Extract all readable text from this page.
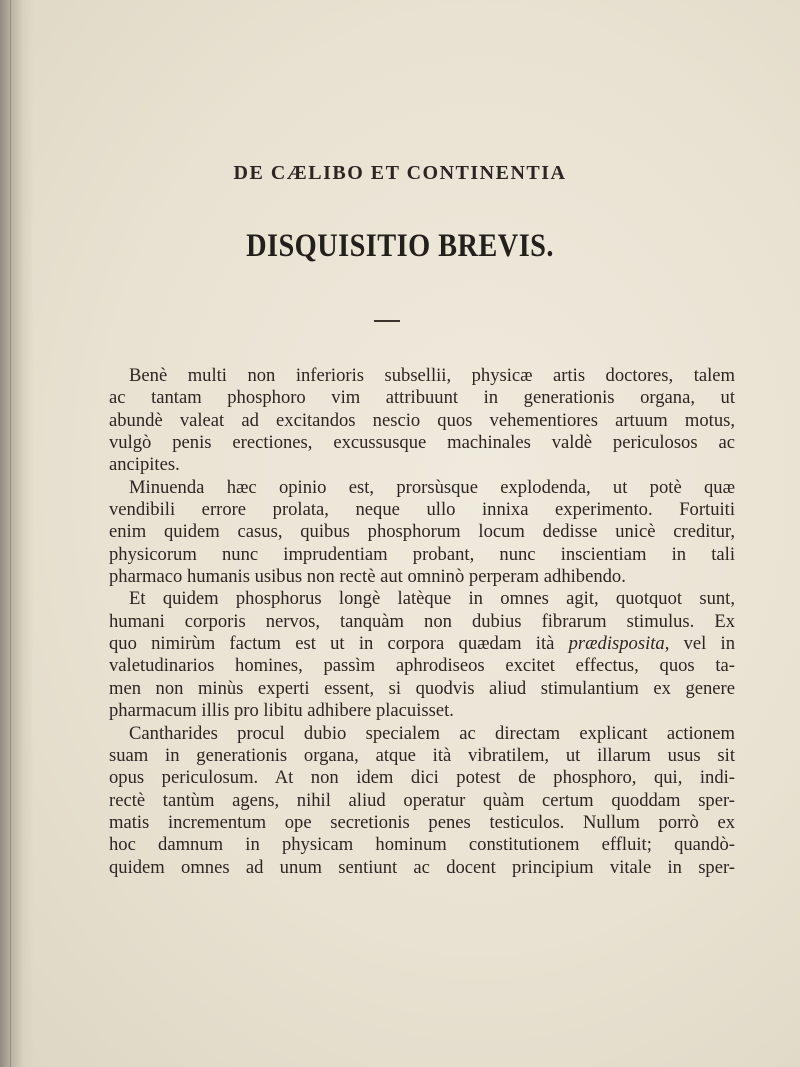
DE CÆLIBO ET CONTINENTIA
DISQUISITIO BREVIS.
Benè multi non inferioris subsellii, physicæ artis doctores, talem
ac tantam phosphoro vim attribuunt in generationis organa, ut
abundè valeat ad excitandos nescio quos vehementiores artuum motus,
vulgò penis erectiones, excussusque machinales valdè periculosos ac
ancipites.
Minuenda hæc opinio est, prorsùsque explodenda, ut potè quæ
vendibili errore prolata, neque ullo innixa experimento. Fortuiti
enim quidem casus, quibus phosphorum locum dedisse unicè creditur,
physicorum nunc imprudentiam probant, nunc inscientiam in tali
pharmaco humanis usibus non rectè aut omninò perperam adhibendo.
Et quidem phosphorus longè latèque in omnes agit, quotquot sunt,
humani corporis nervos, tanquàm non dubius fibrarum stimulus. Ex
quo nimirùm factum est ut in corpora quædam ità prædisposita, vel in
valetudinarios homines, passìm aphrodiseos excitet effectus, quos ta-
men non minùs experti essent, si quodvis aliud stimulantium ex genere
pharmacum illis pro libitu adhibere placuisset.
Cantharides procul dubio specialem ac directam explicant actionem
suam in generationis organa, atque ità vibratilem, ut illarum usus sit
opus periculosum. At non idem dici potest de phosphoro, qui, indi-
rectè tantùm agens, nihil aliud operatur quàm certum quoddam sper-
matis incrementum ope secretionis penes testiculos. Nullum porrò ex
hoc damnum in physicam hominum constitutionem effluit; quandò-
quidem omnes ad unum sentiunt ac docent principium vitale in sper-
